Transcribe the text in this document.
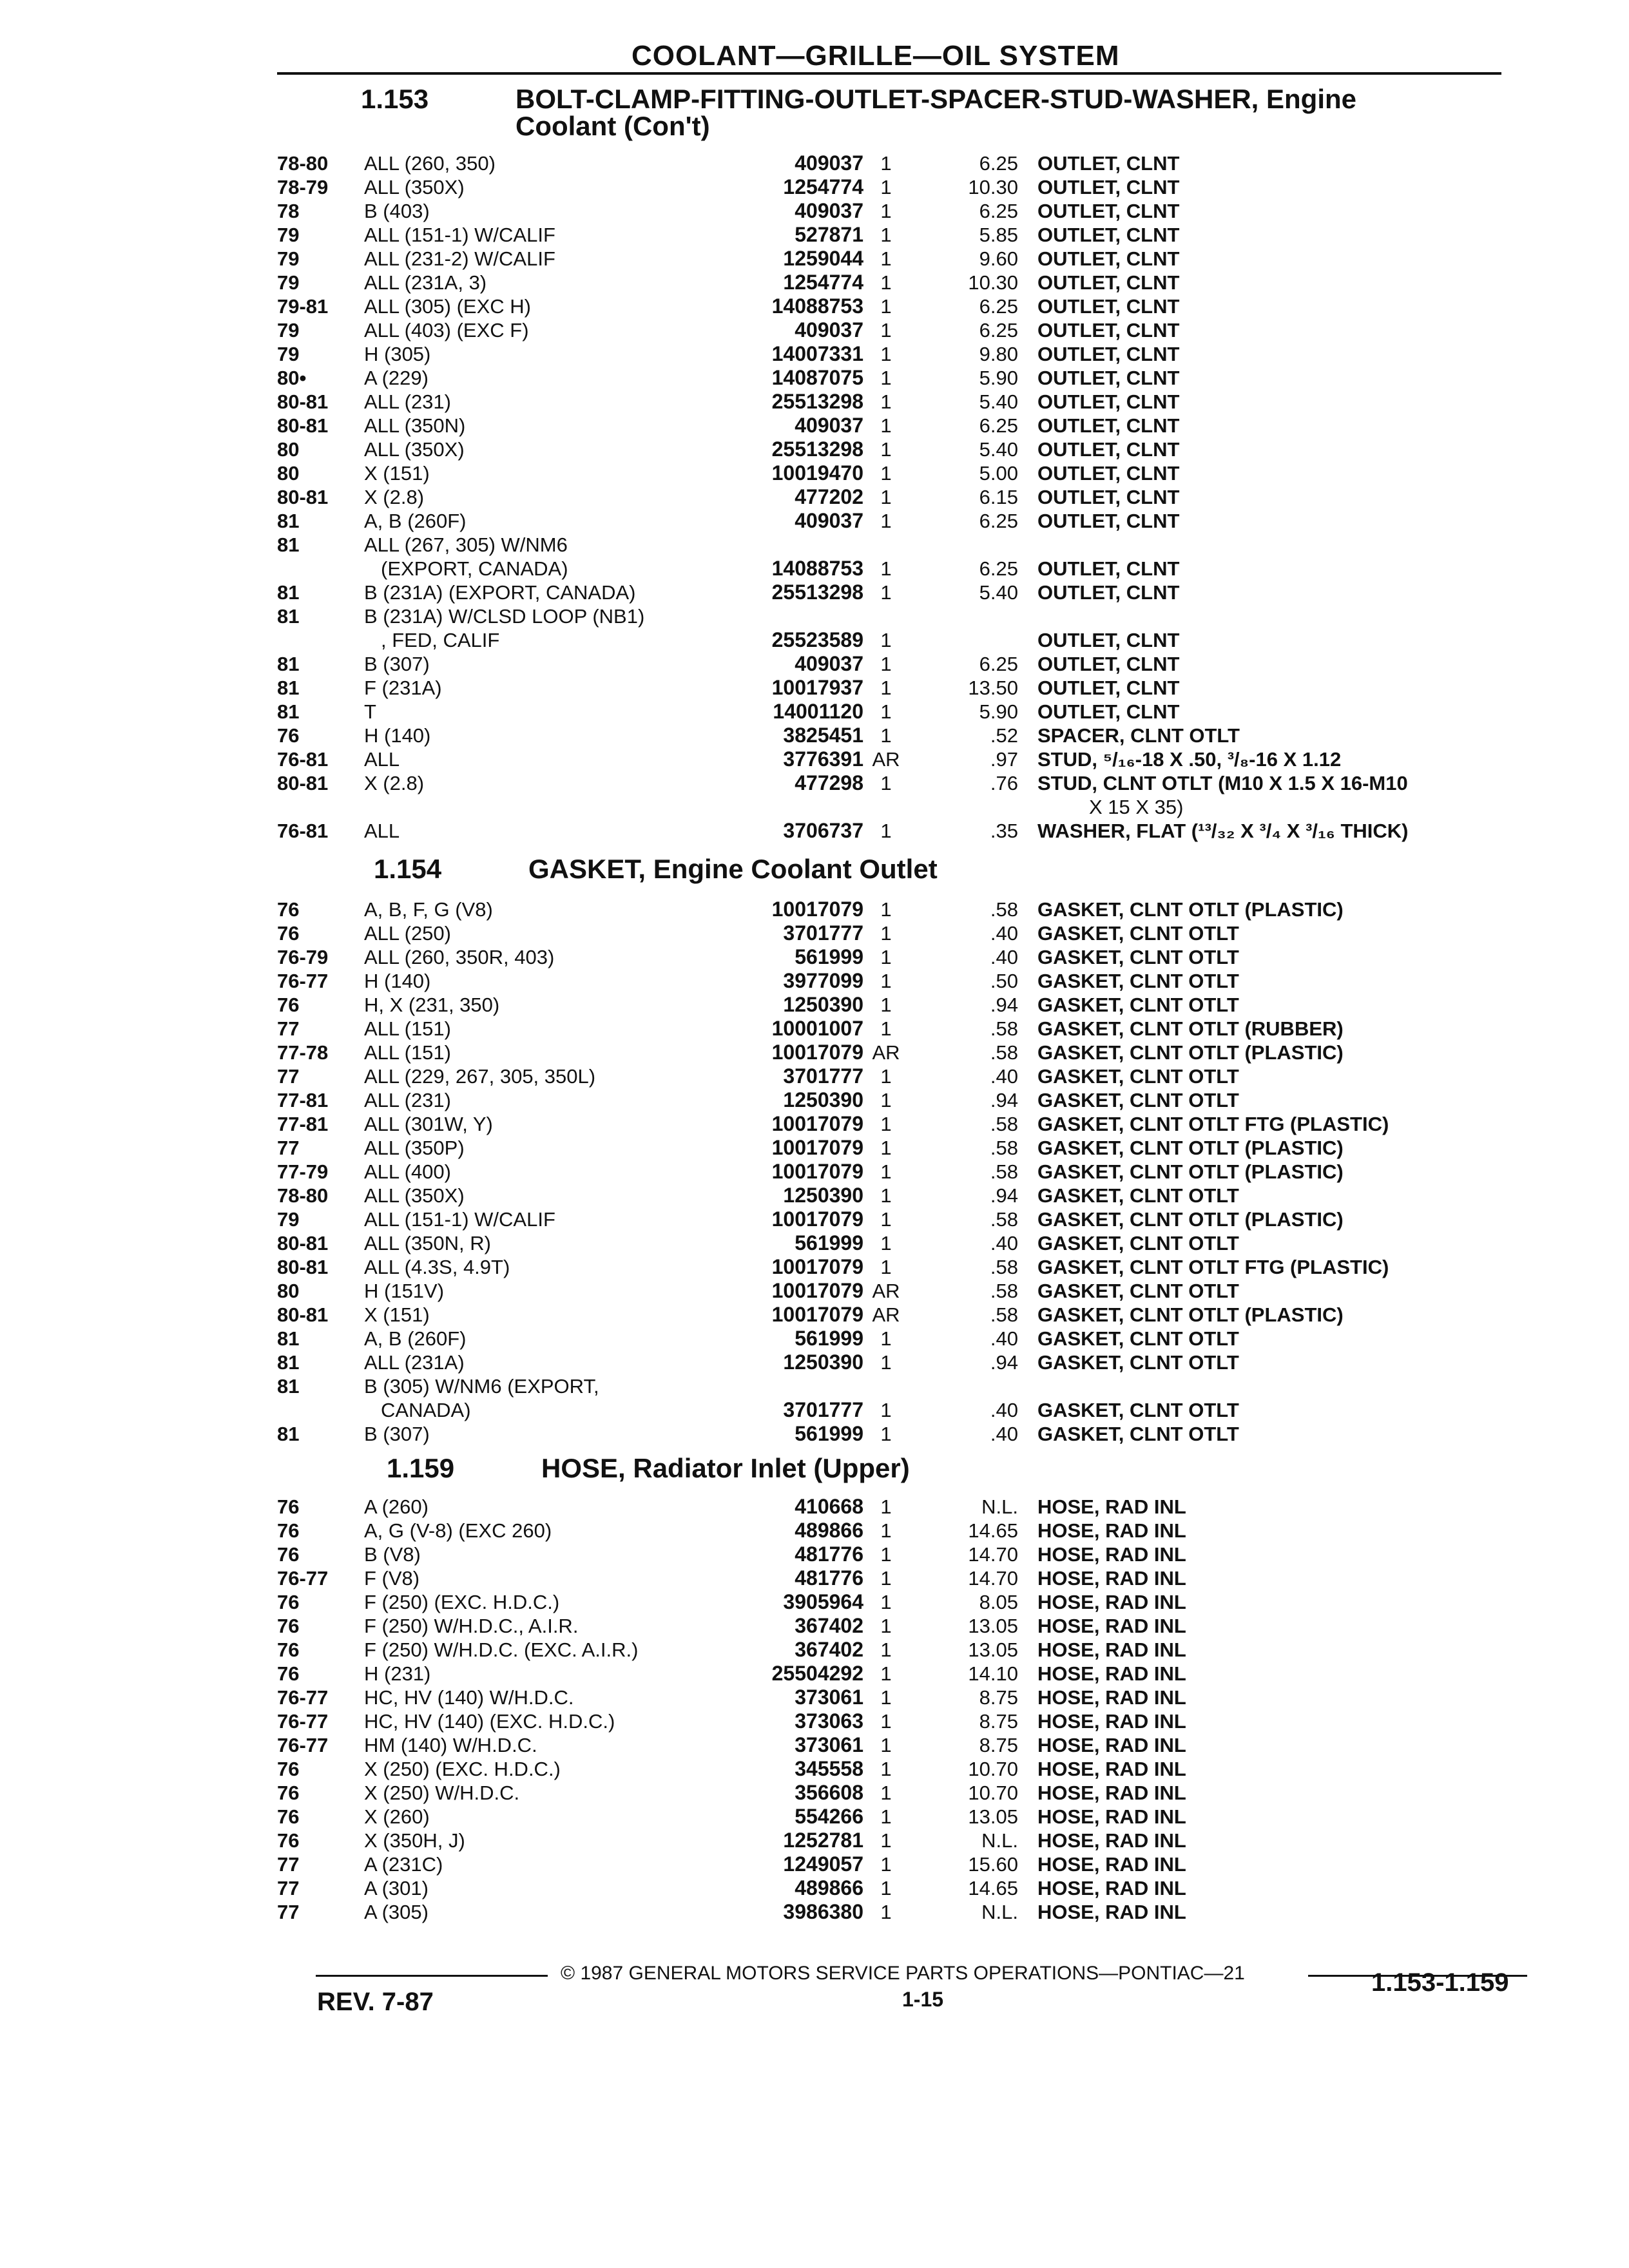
COOLANT—GRILLE—OIL SYSTEM
1.153	BOLT-CLAMP-FITTING-OUTLET-SPACER-STUD-WASHER, Engine
Coolant (Con't)
78-80	ALL (260, 350)	409037 1	6.25 OUTLET, CLNT
78-79	ALL (350X)	1254774 1	10.30 OUTLET, CLNT
78	B (403)	409037 1	6.25 OUTLET, CLNT
79	ALL (151-1) W/CALIF	527871 1	5.85 OUTLET, CLNT
79	ALL (231-2) W/CALIF	1259044 1	9.60 OUTLET, CLNT
79	ALL (231A, 3)	1254774 1	10.30 OUTLET, CLNT
79-81	ALL (305) (EXC H)	14088753 1	6.25 OUTLET, CLNT
79	ALL (403) (EXC F)	409037 1	6.25 OUTLET, CLNT
79	H (305)	14007331 1	9.80 OUTLET, CLNT
80•	A (229)	14087075 1	5.90 OUTLET, CLNT
80-81	ALL (231)	25513298 1	5.40 OUTLET, CLNT
80-81	ALL (350N)	409037 1	6.25 OUTLET, CLNT
80	ALL (350X)	25513298 1	5.40 OUTLET, CLNT
80	X (151)	10019470 1	5.00 OUTLET, CLNT
80-81	X (2.8)	477202 1	6.15 OUTLET, CLNT
81	A, B (260F)	409037 1	6.25 OUTLET, CLNT
81	ALL (267, 305) W/NM6
(EXPORT, CANADA)	14088753 1	6.25 OUTLET, CLNT
81	B (231A) (EXPORT, CANADA)	25513298 1	5.40 OUTLET, CLNT
81	B (231A) W/CLSD LOOP (NB1)
, FED, CALIF	25523589 1	OUTLET, CLNT
81	B (307)	409037 1	6.25 OUTLET, CLNT
81	F (231A)	10017937 1	13.50 OUTLET, CLNT
81	T	14001120 1	5.90 OUTLET, CLNT
76	H (140)	3825451 1	.52 SPACER, CLNT OTLT
76-81	ALL	3776391 AR	.97 STUD, ⁵/₁₆-18 X .50, ³/₈-16 X 1.12
80-81	X (2.8)	477298 1	.76 STUD, CLNT OTLT (M10 X 1.5 X 16-M10
X 15 X 35)
76-81	ALL	3706737 1	.35 WASHER, FLAT (¹³/₃₂ X ³/₄ X ³/₁₆ THICK)
1.154	GASKET, Engine Coolant Outlet
76	A, B, F, G (V8)	10017079 1	.58 GASKET, CLNT OTLT (PLASTIC)
76	ALL (250)	3701777 1	.40 GASKET, CLNT OTLT
76-79	ALL (260, 350R, 403)	561999 1	.40 GASKET, CLNT OTLT
76-77	H (140)	3977099 1	.50 GASKET, CLNT OTLT
76	H, X (231, 350)	1250390 1	.94 GASKET, CLNT OTLT
77	ALL (151)	10001007 1	.58 GASKET, CLNT OTLT (RUBBER)
77-78	ALL (151)	10017079 AR	.58 GASKET, CLNT OTLT (PLASTIC)
77	ALL (229, 267, 305, 350L)	3701777 1	.40 GASKET, CLNT OTLT
77-81	ALL (231)	1250390 1	.94 GASKET, CLNT OTLT
77-81	ALL (301W, Y)	10017079 1	.58 GASKET, CLNT OTLT FTG (PLASTIC)
77	ALL (350P)	10017079 1	.58 GASKET, CLNT OTLT (PLASTIC)
77-79	ALL (400)	10017079 1	.58 GASKET, CLNT OTLT (PLASTIC)
78-80	ALL (350X)	1250390 1	.94 GASKET, CLNT OTLT
79	ALL (151-1) W/CALIF	10017079 1	.58 GASKET, CLNT OTLT (PLASTIC)
80-81	ALL (350N, R)	561999 1	.40 GASKET, CLNT OTLT
80-81	ALL (4.3S, 4.9T)	10017079 1	.58 GASKET, CLNT OTLT FTG (PLASTIC)
80	H (151V)	10017079 AR	.58 GASKET, CLNT OTLT
80-81	X (151)	10017079 AR	.58 GASKET, CLNT OTLT (PLASTIC)
81	A, B (260F)	561999 1	.40 GASKET, CLNT OTLT
81	ALL (231A)	1250390 1	.94 GASKET, CLNT OTLT
81	B (305) W/NM6 (EXPORT,
CANADA)	3701777 1	.40 GASKET, CLNT OTLT
81	B (307)	561999 1	.40 GASKET, CLNT OTLT
1.159	HOSE, Radiator Inlet (Upper)
76	A (260)	410668 1	N.L. HOSE, RAD INL
76	A, G (V-8) (EXC 260)	489866 1	14.65 HOSE, RAD INL
76	B (V8)	481776 1	14.70 HOSE, RAD INL
76-77	F (V8)	481776 1	14.70 HOSE, RAD INL
76	F (250) (EXC. H.D.C.)	3905964 1	8.05 HOSE, RAD INL
76	F (250) W/H.D.C., A.I.R.	367402 1	13.05 HOSE, RAD INL
76	F (250) W/H.D.C. (EXC. A.I.R.)	367402 1	13.05 HOSE, RAD INL
76	H (231)	25504292 1	14.10 HOSE, RAD INL
76-77	HC, HV (140) W/H.D.C.	373061 1	8.75 HOSE, RAD INL
76-77	HC, HV (140) (EXC. H.D.C.)	373063 1	8.75 HOSE, RAD INL
76-77	HM (140) W/H.D.C.	373061 1	8.75 HOSE, RAD INL
76	X (250) (EXC. H.D.C.)	345558 1	10.70 HOSE, RAD INL
76	X (250) W/H.D.C.	356608 1	10.70 HOSE, RAD INL
76	X (260)	554266 1	13.05 HOSE, RAD INL
76	X (350H, J)	1252781 1	N.L. HOSE, RAD INL
77	A (231C)	1249057 1	15.60 HOSE, RAD INL
77	A (301)	489866 1	14.65 HOSE, RAD INL
77	A (305)	3986380 1	N.L. HOSE, RAD INL
© 1987 GENERAL MOTORS SERVICE PARTS OPERATIONS—PONTIAC—21
REV. 7-87	1-15
1.153-1.159
